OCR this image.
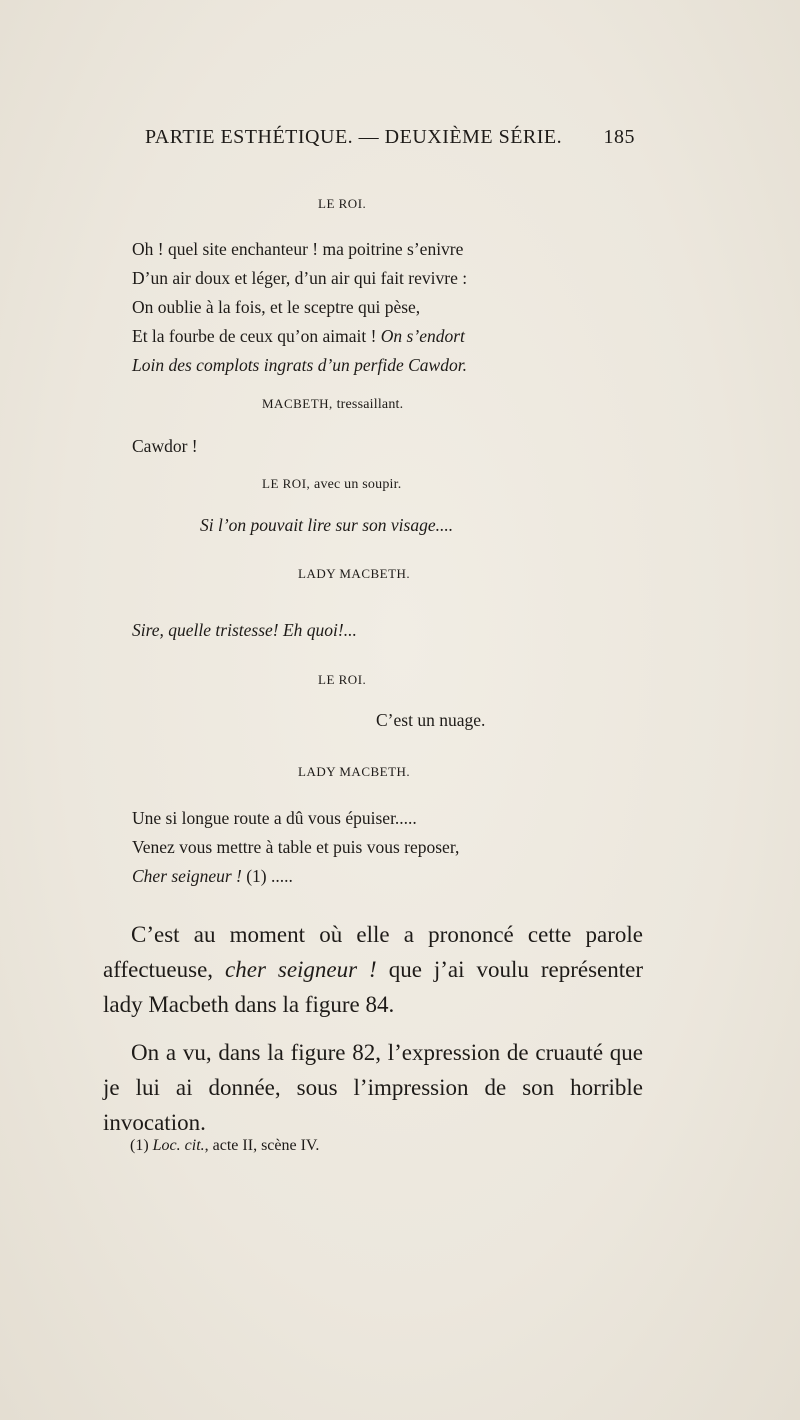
PARTIE ESTHÉTIQUE. — DEUXIÈME SÉRIE. 185
LE ROI.
Oh ! quel site enchanteur ! ma poitrine s’enivre
D’un air doux et léger, d’un air qui fait revivre :
On oublie à la fois, et le sceptre qui pèse,
Et la fourbe de ceux qu’on aimait ! On s’endort
Loin des complots ingrats d’un perfide Cawdor.
MACBETH, tressaillant.
Cawdor !
LE ROI, avec un soupir.
Si l’on pouvait lire sur son visage....
LADY MACBETH.
Sire, quelle tristesse! Eh quoi!...
LE ROI.
C’est un nuage.
LADY MACBETH.
Une si longue route a dû vous épuiser.....
Venez vous mettre à table et puis vous reposer,
Cher seigneur ! (1) .....
C’est au moment où elle a prononcé cette parole affectueuse, cher seigneur ! que j’ai voulu représenter lady Macbeth dans la figure 84.
On a vu, dans la figure 82, l’expression de cruauté que je lui ai donnée, sous l’impression de son horrible invocation.
(1) Loc. cit., acte II, scène IV.
